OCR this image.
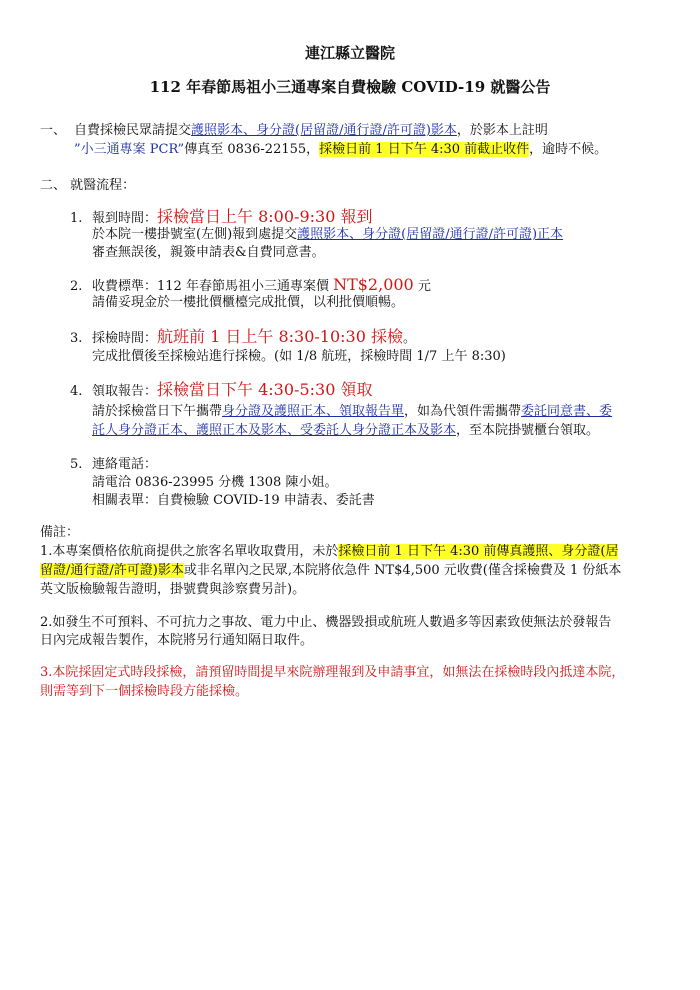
連江縣立醫院
112 年春節馬祖小三通專案自費檢驗 COVID-19 就醫公告
一、 自費採檢民眾請提交護照影本、身分證(居留證/通行證/許可證)影本，於影本上註明
”小三通專案 PCR”傳真至 0836-22155，採檢日前 1 日下午 4:30 前截止收件，逾時不候。
二、 就醫流程：
1. 報到時間：採檢當日上午 8:00-9:30 報到
於本院一樓掛號室(左側)報到處提交護照影本、身分證(居留證/通行證/許可證)正本
審查無誤後，親簽申請表&自費同意書。
2. 收費標準：112 年春節馬祖小三通專案價 NT$2,000 元
請備妥現金於一樓批價櫃檯完成批價，以利批價順暢。
3. 採檢時間：航班前 1 日上午 8:30-10:30 採檢。
完成批價後至採檢站進行採檢。(如 1/8 航班，採檢時間 1/7 上午 8:30)
4. 領取報告：採檢當日下午 4:30-5:30 領取
請於採檢當日下午攜帶身分證及護照正本、領取報告單，如為代領件需攜帶委託同意書、委
託人身分證正本、護照正本及影本、受委託人身分證正本及影本，至本院掛號櫃台領取。
5. 連絡電話：
請電洽 0836-23995 分機 1308 陳小姐。
相關表單：自費檢驗 COVID-19 申請表、委託書
備註：
1.本專案價格依航商提供之旅客名單收取費用，未於採檢日前 1 日下午 4:30 前傳真護照、身分證(居
留證/通行證/許可證)影本或非名單內之民眾,本院將依急件 NT$4,500 元收費(僅含採檢費及 1 份紙本
英文版檢驗報告證明，掛號費與診察費另計)。
2.如發生不可預料、不可抗力之事故、電力中止、機器毀損或航班人數過多等因素致使無法於發報告
日內完成報告製作，本院將另行通知隔日取件。
3.本院採固定式時段採檢，請預留時間提早來院辦理報到及申請事宜，如無法在採檢時段內抵達本院，
則需等到下一個採檢時段方能採檢。
